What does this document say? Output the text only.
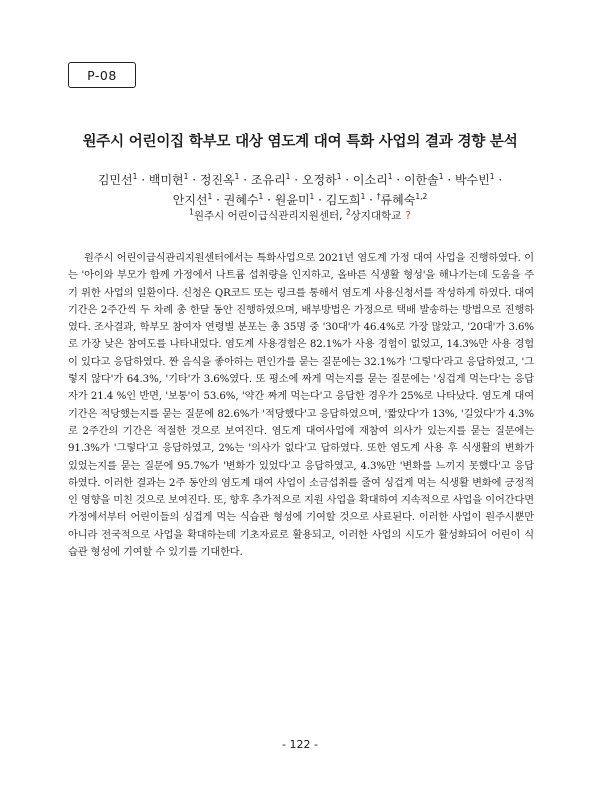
P-08
원주시 어린이집 학부모 대상 염도계 대여 특화 사업의 결과 경향 분석
김민선$^1$ · 백미현$^1$ · 정진옥$^1$ · 조유리$^1$ · 오정하$^1$ · 이소리$^1$ · 이한솔$^1$ · 박수빈$^1$ ·
안지선$^1$ · 권혜수$^1$ · 원윤미$^1$ · 김도희$^1$ · †류혜숙$^{1,2}$
$^1$원주시 어린이급식관리지원센터, $^2$상지대학교 ?
원주시 어린이급식관리지원센터에서는 특화사업으로 2021년 염도계 가정 대여 사업을 진행하였다. 이는 '아이와 부모가 함께 가정에서 나트륨 섭취량을 인지하고, 올바른 식생활 형성'을 해나가는데 도움을 주기 위한 사업의 일환이다. 신청은 QR코드 또는 링크를 통해서 염도계 사용신청서를 작성하게 하였다. 대여기간은 2주간씩 두 차례 총 한달 동안 진행하였으며, 배부방법은 가정으로 택배 발송하는 방법으로 진행하였다. 조사결과, 학부모 참여자 연령별 분포는 총 35명 중 '30대'가 46.4%로 가장 많았고, '20대'가 3.6%로 가장 낮은 참여도를 나타내었다. 염도계 사용경험은 82.1%가 사용 경험이 없었고, 14.3%만 사용 경험이 있다고 응답하였다. 짠 음식을 좋아하는 편인가를 묻는 질문에는 32.1%가 '그렇다'라고 응답하였고, '그렇지 않다'가 64.3%, '기타'가 3.6%였다. 또 평소에 짜게 먹는지를 묻는 질문에는 '싱겁게 먹는다'는 응답자가 21.4 %인 반면, '보통'이 53.6%, '약간 짜게 먹는다'고 응답한 경우가 25%로 나타났다. 염도계 대여기간은 적당했는지를 묻는 질문에 82.6%가 '적당했다'고 응답하였으며, '짧았다'가 13%, '길었다'가 4.3%로 2주간의 기간은 적절한 것으로 보여진다. 염도계 대여사업에 재참여 의사가 있는지를 묻는 질문에는 91.3%가 '그렇다'고 응답하였고, 2%는 '의사가 없다'고 답하였다. 또한 염도계 사용 후 식생활의 변화가 있었는지를 묻는 질문에 95.7%가 '변화가 있었다'고 응답하였고, 4.3%만 '변화를 느끼지 못했다'고 응답하였다. 이러한 결과는 2주 동안의 염도계 대여 사업이 소금섭취를 줄여 싱겁게 먹는 식생활 변화에 긍정적인 영향을 미친 것으로 보여진다. 또, 향후 추가적으로 지원 사업을 확대하여 지속적으로 사업을 이어간다면 가정에서부터 어린이들의 싱겁게 먹는 식습관 형성에 기여할 것으로 사료된다. 이러한 사업이 원주시뿐만 아니라 전국적으로 사업을 확대하는데 기초자료로 활용되고, 이러한 사업의 시도가 활성화되어 어린이 식습관 형성에 기여할 수 있기를 기대한다.
- 122 -
